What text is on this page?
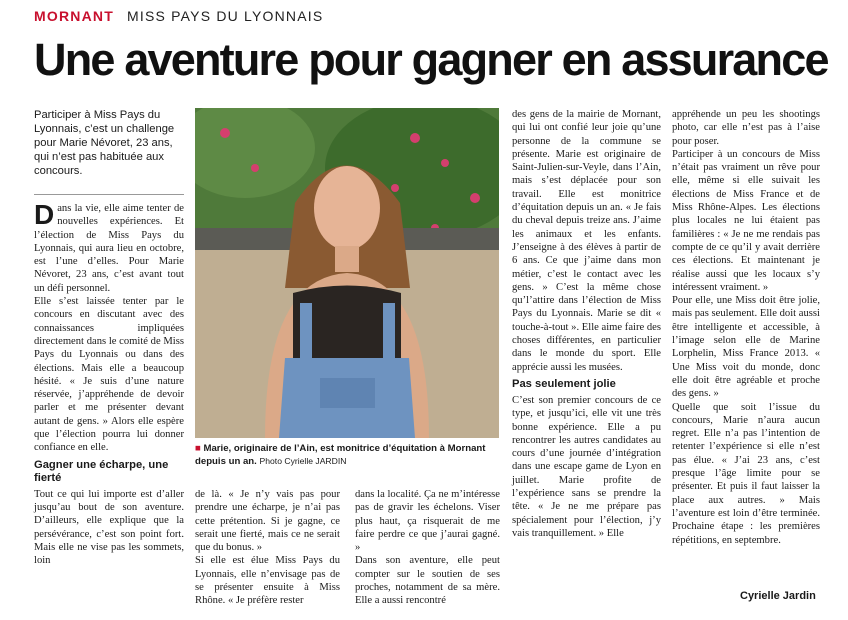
MORNANT MISS PAYS DU LYONNAIS
Une aventure pour gagner en assurance

Participer à Miss Pays du Lyonnais, c’est un challenge pour Marie Névoret, 23 ans, qui n’est pas habituée aux concours.

D ans la vie, elle aime tenter de nouvelles expériences. Et l’élection de Miss Pays du Lyonnais, qui aura lieu en octobre, est l’une d’elles. Pour Marie Névoret, 23 ans, c’est avant tout un défi personnel.

Elle s’est laissée tenter par le concours en discutant avec des connaissances impliquées directement dans le comité de Miss Pays du Lyonnais ou dans des élections. Mais elle a beaucoup hésité. « Je suis d’une nature réservée, j’appréhende de devoir parler et me présenter devant autant de gens. » Alors elle espère que l’élection pourra lui donner confiance en elle.

Gagner une écharpe, une fierté

Tout ce qui lui importe est d’aller jusqu’au bout de son aventure. D’ailleurs, elle explique que la persévérance, c’est son point fort. Mais elle ne vise pas les sommets, loin

■ Marie, originaire de l’Ain, est monitrice d’équitation à Mornant depuis un an. Photo Cyrielle JARDIN

de là. « Je n’y vais pas pour prendre une écharpe, je n’ai pas cette prétention. Si je gagne, ce serait une fierté, mais ce ne serait que du bonus. »

Si elle est élue Miss Pays du Lyonnais, elle n’envisage pas de se présenter ensuite à Miss Rhône. « Je préfère rester

dans la localité. Ça ne m’intéresse pas de gravir les échelons. Viser plus haut, ça risquerait de me faire perdre ce que j’aurai gagné. »

Dans son aventure, elle peut compter sur le soutien de ses proches, notamment de sa mère. Elle a aussi rencontré

des gens de la mairie de Mornant, qui lui ont confié leur joie qu’une personne de la commune se présente. Marie est originaire de Saint-Julien-sur-Veyle, dans l’Ain, mais s’est déplacée pour son travail. Elle est monitrice d’équitation depuis un an. « Je fais du cheval depuis treize ans. J’aime les animaux et les enfants. J’enseigne à des élèves à partir de 6 ans. Ce que j’aime dans mon métier, c’est le contact avec les gens. » C’est la même chose qu’l’attire dans l’élection de Miss Pays du Lyonnais. Marie se dit « touche-à-tout ». Elle aime faire des choses différentes, en particulier dans le monde du sport. Elle apprécie aussi les musées.

Pas seulement jolie

C’est son premier concours de ce type, et jusqu’ici, elle vit une très bonne expérience. Elle a pu rencontrer les autres candidates au cours d’une journée d’intégration dans une escape game de Lyon en juillet. Marie profite de l’expérience sans se prendre la tête. « Je ne me prépare pas spécialement pour l’élection, j’y vais tranquillement. » Elle

appréhende un peu les shootings photo, car elle n’est pas à l’aise pour poser.

Participer à un concours de Miss n’était pas vraiment un rêve pour elle, même si elle suivait les élections de Miss France et de Miss Rhône-Alpes. Les élections plus locales ne lui étaient pas familières : « Je ne me rendais pas compte de ce qu’il y avait derrière ces élections. Et maintenant je réalise aussi que les locaux s’y intéressent vraiment. »

Pour elle, une Miss doit être jolie, mais pas seulement. Elle doit aussi être intelligente et accessible, à l’image selon elle de Marine Lorphelin, Miss France 2013. « Une Miss voit du monde, donc elle doit être agréable et proche des gens. »

Quelle que soit l’issue du concours, Marie n’aura aucun regret. Elle n’a pas l’intention de retenter l’expérience si elle n’est pas élue. « J’ai 23 ans, c’est presque l’âge limite pour se présenter. Et puis il faut laisser la place aux autres. » Mais l’aventure est loin d’être terminée. Prochaine étape : les premières répétitions, en septembre.

Cyrielle Jardin
